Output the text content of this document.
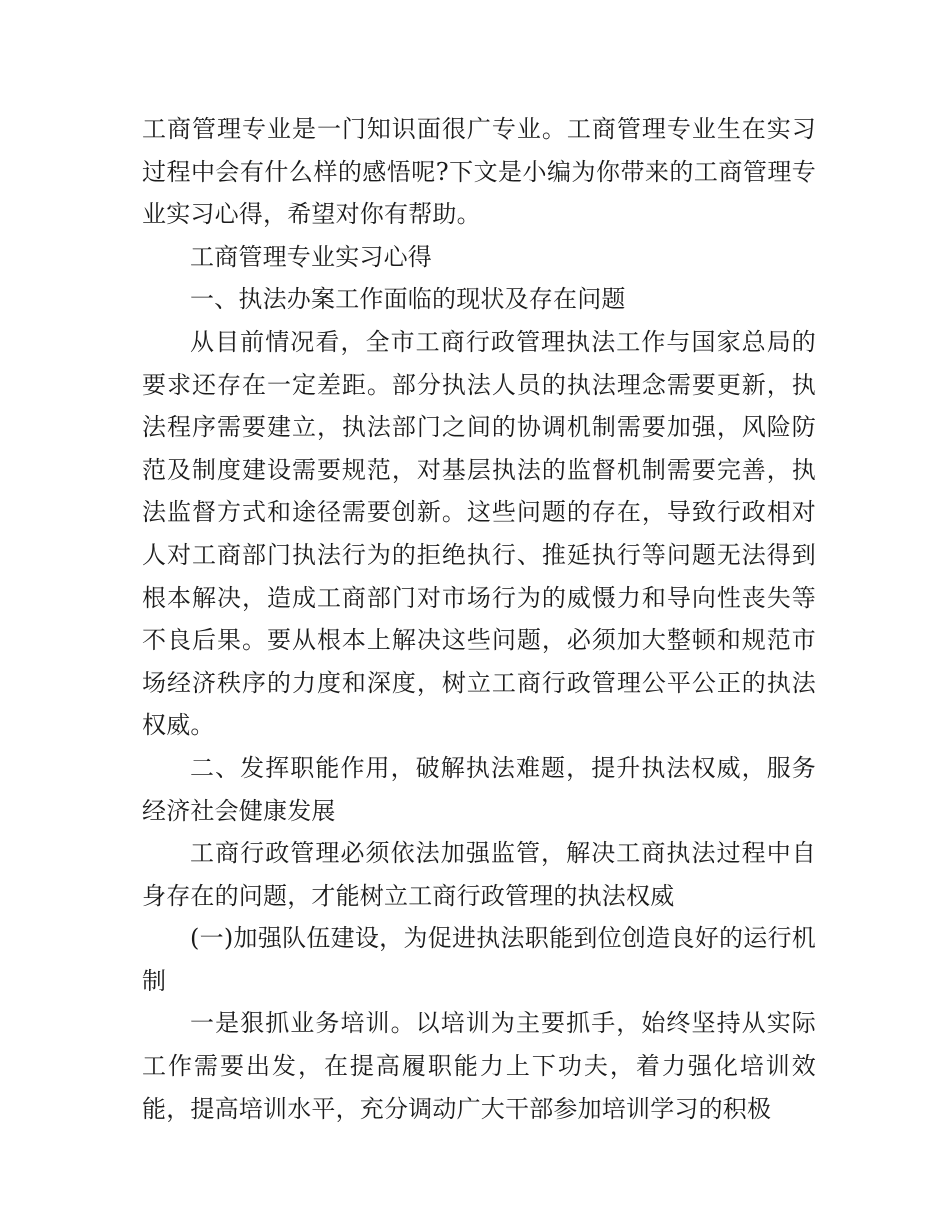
工商管理专业是一门知识面很广专业。工商管理专业生在实习过程中会有什么样的感悟呢?下文是小编为你带来的工商管理专业实习心得，希望对你有帮助。

工商管理专业实习心得

一、执法办案工作面临的现状及存在问题

从目前情况看，全市工商行政管理执法工作与国家总局的要求还存在一定差距。部分执法人员的执法理念需要更新，执法程序需要建立，执法部门之间的协调机制需要加强，风险防范及制度建设需要规范，对基层执法的监督机制需要完善，执法监督方式和途径需要创新。这些问题的存在，导致行政相对人对工商部门执法行为的拒绝执行、推延执行等问题无法得到根本解决，造成工商部门对市场行为的威慑力和导向性丧失等不良后果。要从根本上解决这些问题，必须加大整顿和规范市场经济秩序的力度和深度，树立工商行政管理公平公正的执法权威。

二、发挥职能作用，破解执法难题，提升执法权威，服务经济社会健康发展

工商行政管理必须依法加强监管，解决工商执法过程中自身存在的问题，才能树立工商行政管理的执法权威

(一)加强队伍建设，为促进执法职能到位创造良好的运行机制

一是狠抓业务培训。以培训为主要抓手，始终坚持从实际工作需要出发，在提高履职能力上下功夫，着力强化培训效能，提高培训水平，充分调动广大干部参加培训学习的积极
